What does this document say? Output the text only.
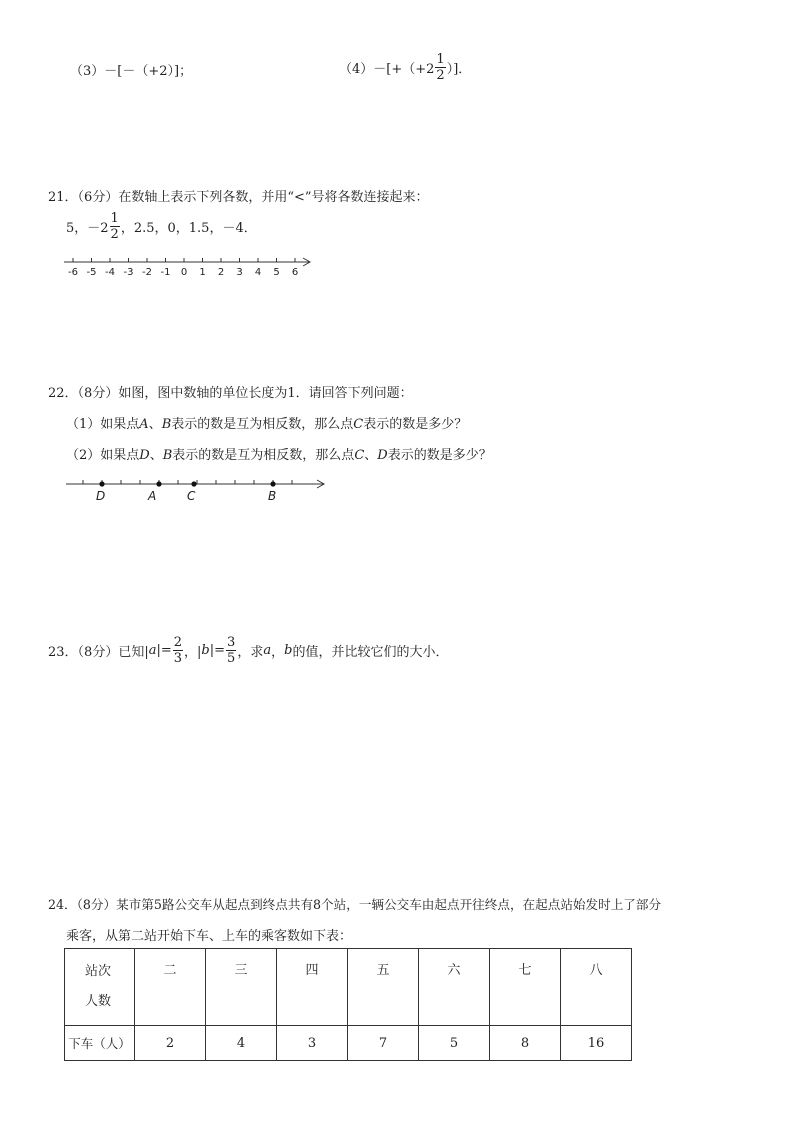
（3）－[－（+2）]；	$(4)-[+(+2 \frac{1}{2}$ ）]．
21．（6分）在数轴上表示下列各数，并用“<”号将各数连接起来：
5，$-2 \frac{1}{2}$ ，2.5，0，1.5，－4．
-6 -5 -4 -3 -2 -1 0 1 2 3 4 5 6
22．（8分）如图，图中数轴的单位长度为1．请回答下列问题：
（1）如果点A、B表示的数是互为相反数，那么点C表示的数是多少？
（2）如果点D、B表示的数是互为相反数，那么点C、D表示的数是多少？
D	A	C	B
23．（8分）已知$|a|= \frac{2}{3}$ ，$|b|= \frac{3}{5}$ ，求a，b的值，并比较它们的大小．
24．（8分）某市第5路公交车从起点到终点共有8个站，一辆公交车由起点开往终点，在起点站始发时上了部分
乘客，从第二站开始下车、上车的乘客数如下表：
站次
人数	二	三	四	五	六	七	八
下车（人）	2	4	3	7	5	8	16
